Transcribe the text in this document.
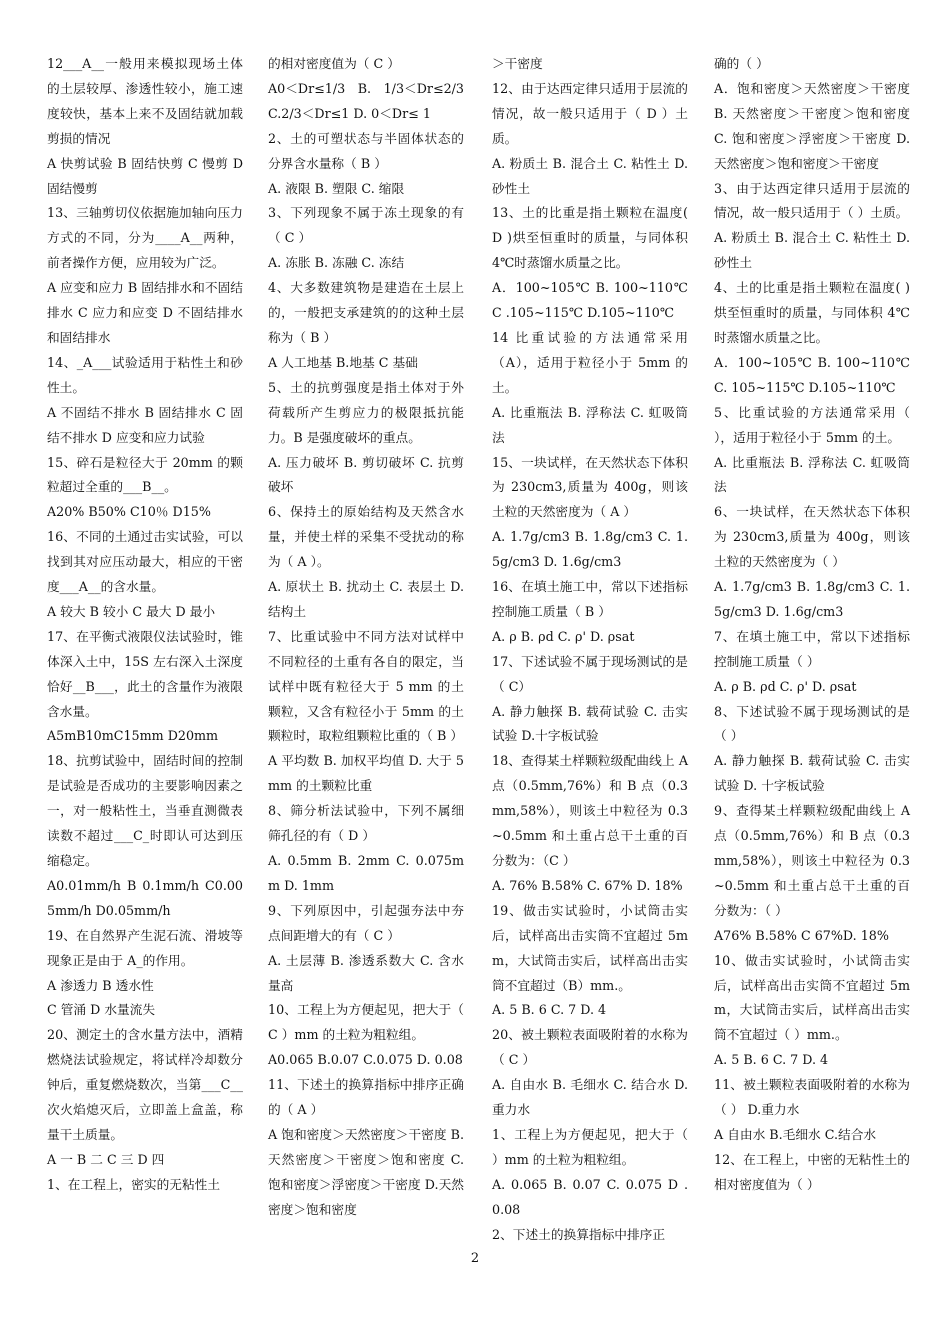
12___A__一般用来模拟现场土体的土层较厚、渗透性较小，施工速度较快，基本上来不及固结就加载剪损的情况

A 快剪试验 B 固结快剪 C 慢剪 D 固结慢剪

13、三轴剪切仪依据施加轴向压力方式的不同，分为____A__两种，前者操作方便，应用较为广泛。

A 应变和应力 B 固结排水和不固结排水 C 应力和应变 D 不固结排水和固结排水

14、_A___试验适用于粘性土和砂性土。

A 不固结不排水 B 固结排水 C 固结不排水 D 应变和应力试验

15、碎石是粒径大于 20mm 的颗粒超过全重的___B__。

A20% B50% C10％ D15%

16、不同的土通过击实试验，可以找到其对应压动最大，相应的干密度___A__的含水量。

A 较大 B 较小 C 最大 D 最小

17、在平衡式液限仪法试验时，锥体深入土中，15S 左右深入土深度恰好__B___，此土的含量作为液限含水量。

A5mB10mC15mm D20mm

18、抗剪试验中，固结时间的控制是试验是否成功的主要影响因素之一，对一般粘性土，当垂直测微表读数不超过___C_时即认可达到压缩稳定。

A0.01mm/h B 0.1mm/h C0.005mm/h D0.05mm/h

19、在自然界产生泥石流、滑坡等现象正是由于 A_的作用。

A 渗透力 B 透水性

C 管涌 D 水量流失

20、测定土的含水量方法中，酒精燃烧法试验规定，将试样冷却数分钟后，重复燃烧数次，当第___C__次火焰熄灭后，立即盖上盒盖，称量干土质量。

A 一 B 二 C 三 D 四

1、在工程上，密实的无粘性土

的相对密度值为（ C ）

A0＜Dr≤1/3 B. 1/3＜Dr≤2/3 C.2/3＜Dr≤1 D. 0＜Dr≤ 1

2、土的可塑状态与半固体状态的分界含水量称（ B ）

A. 液限 B. 塑限 C. 缩限

3、下列现象不属于冻土现象的有（ C ）

A. 冻胀 B. 冻融 C. 冻结

4、大多数建筑物是建造在土层上的，一般把支承建筑的的这种土层称为（ B ）

A 人工地基 B.地基 C 基础

5、土的抗剪强度是指土体对于外荷载所产生剪应力的极限抵抗能力。B 是强度破坏的重点。

A. 压力破坏 B. 剪切破坏 C. 抗剪破坏

6、保持土的原始结构及天然含水量，并使土样的采集不受扰动的称为（ A ）。

A. 原状土 B. 扰动土 C. 表层土 D. 结构土

7、比重试验中不同方法对试样中不同粒径的土重有各自的限定，当试样中既有粒径大于 5 mm 的土颗粒，又含有粒径小于 5mm 的土颗粒时，取粒组颗粒比重的（ B ）

A 平均数 B. 加权平均值 D. 大于 5mm 的土颗粒比重

8、筛分析法试验中，下列不属细筛孔径的有（ D ）

A. 0.5mm B. 2mm C. 0.075mm D. 1mm

9、下列原因中，引起强夯法中夯点间距增大的有（ C ）

A. 土层薄 B. 渗透系数大 C. 含水量高

10、工程上为方便起见，把大于（ C ）mm 的土粒为粗粒组。

A0.065 B.0.07 C.0.075 D. 0.08

11、下述土的换算指标中排序正确的（ A ）

A 饱和密度＞天然密度＞干密度 B.天然密度＞干密度＞饱和密度 C. 饱和密度＞浮密度＞干密度 D.天然密度＞饱和密度

＞干密度

12、由于达西定律只适用于层流的情况，故一般只适用于（ D ）土质。

A. 粉质土 B. 混合土 C. 粘性土 D. 砂性土

13、土的比重是指土颗粒在温度( D )烘至恒重时的质量，与同体积 4℃时蒸馏水质量之比。

A．100~105℃ B. 100~110℃ C .105~115℃ D.105~110℃

14 比重试验的方法通常采用（A），适用于粒径小于 5mm 的土。

A. 比重瓶法 B. 浮称法 C. 虹吸筒法

15、一块试样，在天然状态下体积为 230cm3,质量为 400g，则该土粒的天然密度为（ A ）

A. 1.7g/cm3 B. 1.8g/cm3 C. 1.5g/cm3 D. 1.6g/cm3

16、在填土施工中，常以下述指标控制施工质量（ B ）

A. ρ B. ρd C. ρ' D. ρsat

17、下述试验不属于现场测试的是（ C）

A. 静力触探 B. 载荷试验 C. 击实试验 D.十字板试验

18、查得某土样颗粒级配曲线上 A 点（0.5mm,76%）和 B 点（0.3mm,58%），则该土中粒径为 0.3~0.5mm 和土重占总干土重的百分数为：（C ）

A. 76% B.58% C. 67% D. 18%

19、做击实试验时，小试筒击实后，试样高出击实筒不宜超过 5mm，大试筒击实后，试样高出击实筒不宜超过（B）mm.。

A. 5 B. 6 C. 7 D. 4

20、被土颗粒表面吸附着的水称为（ C ）

A. 自由水 B. 毛细水 C. 结合水 D. 重力水

1、工程上为方便起见，把大于（ ）mm 的土粒为粗粒组。

A. 0.065 B. 0.07 C. 0.075 D . 0.08

2、下述土的换算指标中排序正

确的（ ）

A．饱和密度＞天然密度＞干密度 B. 天然密度＞干密度＞饱和密度 C. 饱和密度＞浮密度＞干密度 D. 天然密度＞饱和密度＞干密度

3、由于达西定律只适用于层流的情况，故一般只适用于（ ）土质。

A. 粉质土 B. 混合土 C. 粘性土 D. 砂性土

4、土的比重是指土颗粒在温度( )烘至恒重时的质量，与同体积 4℃时蒸馏水质量之比。

A．100~105℃ B. 100~110℃ C. 105~115℃ D.105~110℃

5、比重试验的方法通常采用（ ），适用于粒径小于 5mm 的土。

A. 比重瓶法 B. 浮称法 C. 虹吸筒法

6、一块试样，在天然状态下体积为 230cm3,质量为 400g，则该土粒的天然密度为（ ）

A. 1.7g/cm3 B. 1.8g/cm3 C. 1.5g/cm3 D. 1.6g/cm3

7、在填土施工中，常以下述指标控制施工质量（ ）

A. ρ B. ρd C. ρ' D. ρsat

8、下述试验不属于现场测试的是（ ）

A. 静力触探 B. 载荷试验 C. 击实试验 D. 十字板试验

9、查得某土样颗粒级配曲线上 A 点（0.5mm,76%）和 B 点（0.3mm,58%），则该土中粒径为 0.3~0.5mm 和土重占总干土重的百分数为：（ ）

A76% B.58% C 67%D. 18%

10、做击实试验时，小试筒击实后，试样高出击实筒不宜超过 5mm，大试筒击实后，试样高出击实筒不宜超过（ ）mm.。

A. 5 B. 6 C. 7 D. 4

11、被土颗粒表面吸附着的水称为（ ） D.重力水

A 自由水 B.毛细水 C.结合水

12、在工程上，中密的无粘性土的相对密度值为（ ）

2
